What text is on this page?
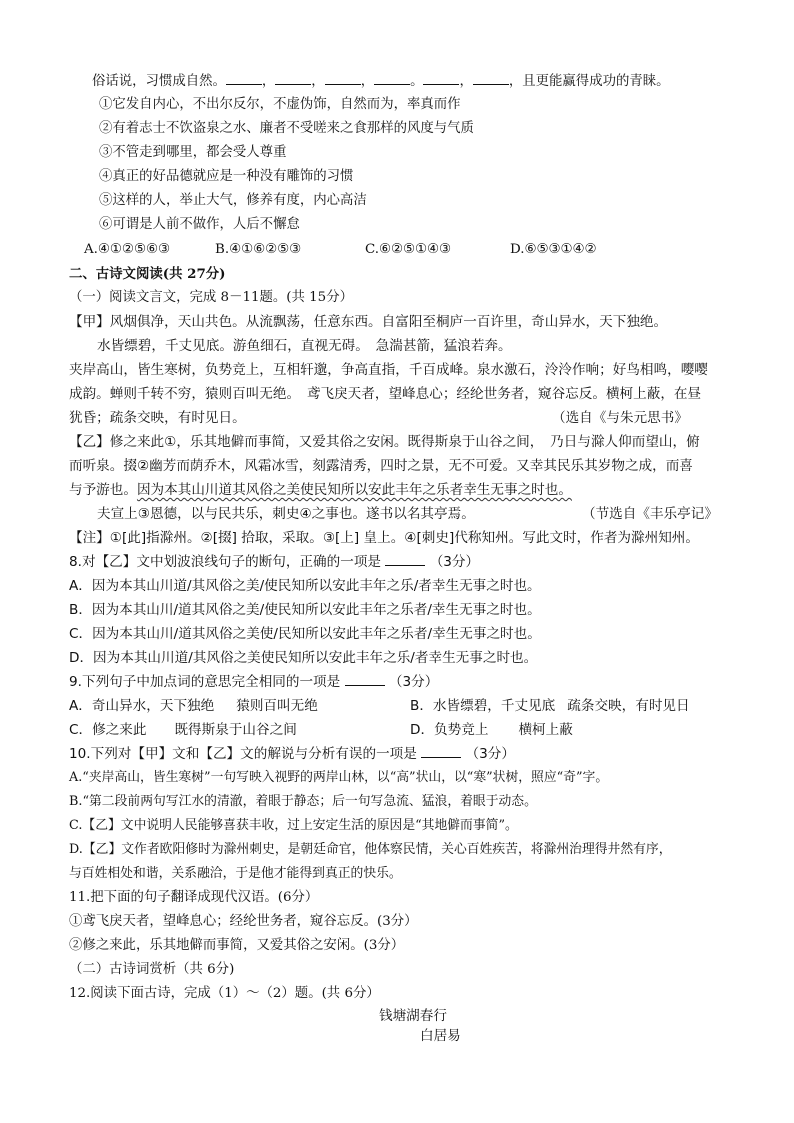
俗话说，习惯成自然。	，	，	，	。	，	，且更能赢得成功的青睐。
①它发自内心，不出尔反尔，不虚伪饰，自然而为，率真而作
②有着志士不饮盗泉之水、廉者不受嗟来之食那样的风度与气质
③不管走到哪里，都会受人尊重
④真正的好品德就应是一种没有雕饰的习惯
⑤这样的人，举止大气，修养有度，内心高洁
⑥可谓是人前不做作，人后不懈怠
A.④①②⑤⑥③	B.④①⑥②⑤③	C.⑥②⑤①④③	D.⑥⑤③①④②
二、古诗文阅读(共 27分)
（一）阅读文言文，完成 8－11题。(共 15分）
【甲】风烟俱净，天山共色。从流飘荡，任意东西。自富阳至桐庐一百许里，奇山异水，天下独绝。
水皆缥碧，千丈见底。游鱼细石，直视无碍。　急湍甚箭，猛浪若奔。
夹岸高山，皆生寒树，负势竞上，互相轩邈，争高直指，千百成峰。泉水激石，泠泠作响；好鸟相鸣，嘤嘤
成韵。蝉则千转不穷，猿则百叫无绝。　鸢飞戾天者，望峰息心；经纶世务者，窥谷忘反。横柯上蔽，在昼
犹昏；疏条交映，有时见日。	（选自《与朱元思书》
【乙】修之来此①，乐其地僻而事简，又爱其俗之安闲。既得斯泉于山谷之间，　乃日与滁人仰而望山，俯
而听泉。掇②幽芳而荫乔木，风霜冰雪，刻露清秀，四时之景，无不可爱。又幸其民乐其岁物之成，而喜
与予游也。因为本其山川道其风俗之美使民知所以安此丰年之乐者幸生无事之时也。
夫宣上③恩德，以与民共乐，刺史④之事也。遂书以名其亭焉。	（节选自《丰乐亭记》
【注】①[此]指滁州。②[掇] 拾取，采取。③[上] 皇上。④[刺史]代称知州。写此文时，作者为滁州知州。
8.对【乙】文中划波浪线句子的断句，正确的一项是	（3分）
A．因为本其山川道/其风俗之美/使民知所以安此丰年之乐/者幸生无事之时也。
B．因为本其山川/道其风俗之美/使民知所以安此丰年之乐者/幸生无事之时也。
C．因为本其山川/道其风俗之美使/民知所以安此丰年之乐者/幸生无事之时也。
D．因为本其山川道/其风俗之美使民知所以安此丰年之乐/者幸生无事之时也。
9.下列句子中加点词的意思完全相同的一项是	（3分）
A．奇山异水，天下独绝 猿则百叫无绝	B．水皆缥碧，千丈见底 疏条交映，有时见日
C．修之来此 既得斯泉于山谷之间	D．负势竞上 横柯上蔽
10.下列对【甲】文和【乙】文的解说与分析有误的一项是	（3分）
A.“夹岸高山，皆生寒树”一句写映入视野的两岸山林，以“高”状山，以“寒”状树，照应“奇”字。
B.“第二段前两句写江水的清澈，着眼于静态；后一句写急流、猛浪，着眼于动态。
C.【乙】文中说明人民能够喜获丰收，过上安定生活的原因是“其地僻而事简”。
D.【乙】文作者欧阳修时为滁州刺史，是朝廷命官，他体察民情，关心百姓疾苦，将滁州治理得井然有序，
与百姓相处和谐，关系融洽，于是他才能得到真正的快乐。
11.把下面的句子翻译成现代汉语。(6分）
①鸢飞戾天者，望峰息心；经纶世务者，窥谷忘反。(3分）
②修之来此，乐其地僻而事简，又爱其俗之安闲。(3分）
（二）古诗词赏析（共 6分)
12.阅读下面古诗，完成（1）～（2）题。(共 6分）
钱塘湖春行
白居易
